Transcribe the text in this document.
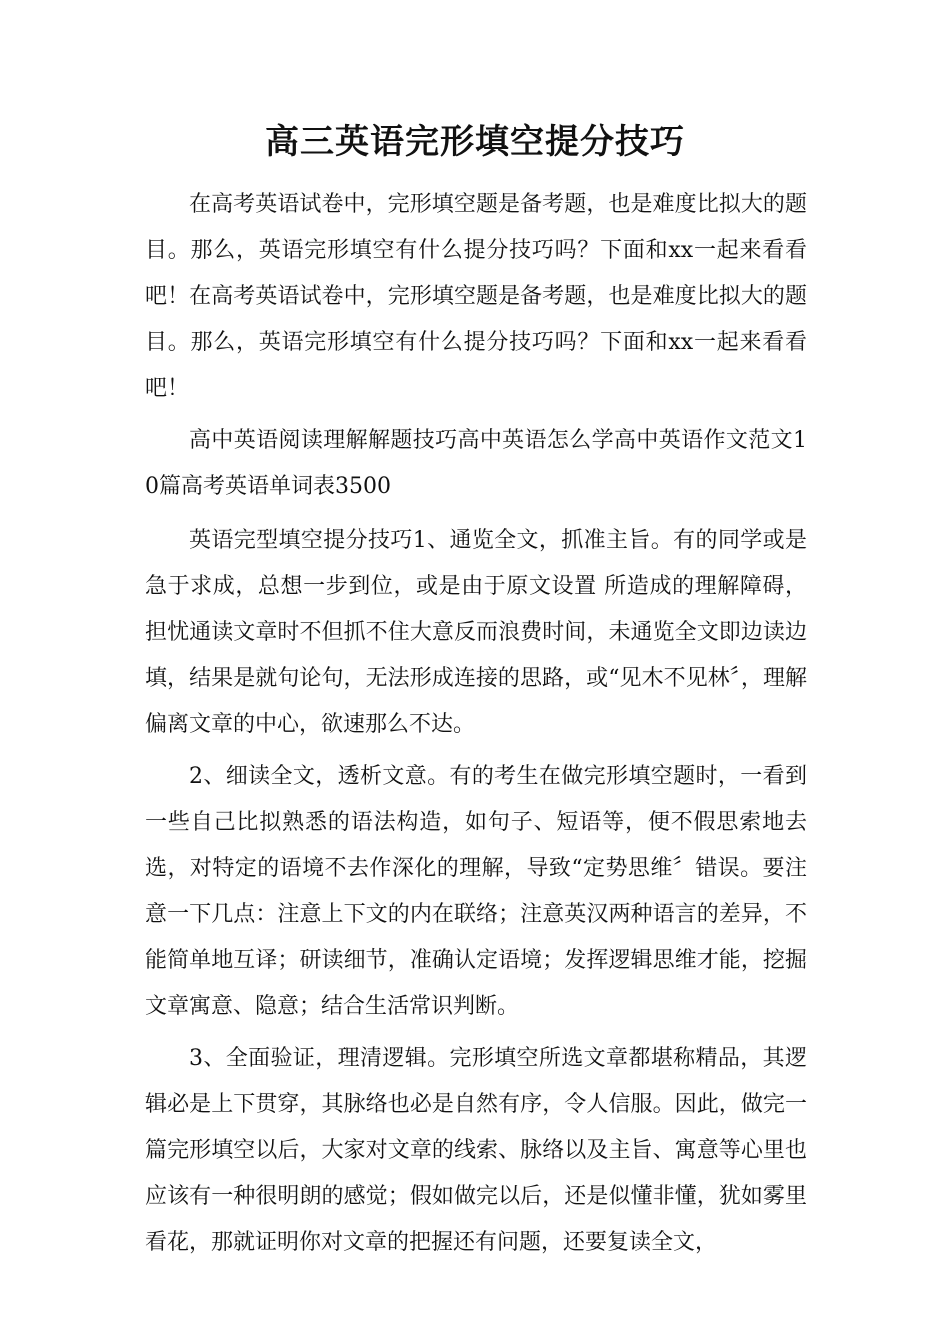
高三英语完形填空提分技巧

在高考英语试卷中，完形填空题是备考题，也是难度比拟大的题目。那么，英语完形填空有什么提分技巧吗？下面和xx一起来看看吧！在高考英语试卷中，完形填空题是备考题，也是难度比拟大的题目。那么，英语完形填空有什么提分技巧吗？下面和xx一起来看看吧！

高中英语阅读理解解题技巧高中英语怎么学高中英语作文范文10篇高考英语单词表3500

英语完型填空提分技巧1、通览全文，抓准主旨。有的同学或是急于求成，总想一步到位，或是由于原文设置 所造成的理解障碍，担忧通读文章时不但抓不住大意反而浪费时间，未通览全文即边读边填，结果是就句论句，无法形成连接的思路，或“见木不见林〞，理解偏离文章的中心，欲速那么不达。

2、细读全文，透析文意。有的考生在做完形填空题时，一看到一些自己比拟熟悉的语法构造，如句子、短语等，便不假思索地去选，对特定的语境不去作深化的理解，导致“定势思维〞错误。要注意一下几点：注意上下文的内在联络；注意英汉两种语言的差异，不能简单地互译；研读细节，准确认定语境；发挥逻辑思维才能，挖掘文章寓意、隐意；结合生活常识判断。

3、全面验证，理清逻辑。完形填空所选文章都堪称精品，其逻辑必是上下贯穿，其脉络也必是自然有序，令人信服。因此，做完一篇完形填空以后，大家对文章的线索、脉络以及主旨、寓意等心里也应该有一种很明朗的感觉；假如做完以后，还是似懂非懂，犹如雾里看花，那就证明你对文章的把握还有问题，还要复读全文，
